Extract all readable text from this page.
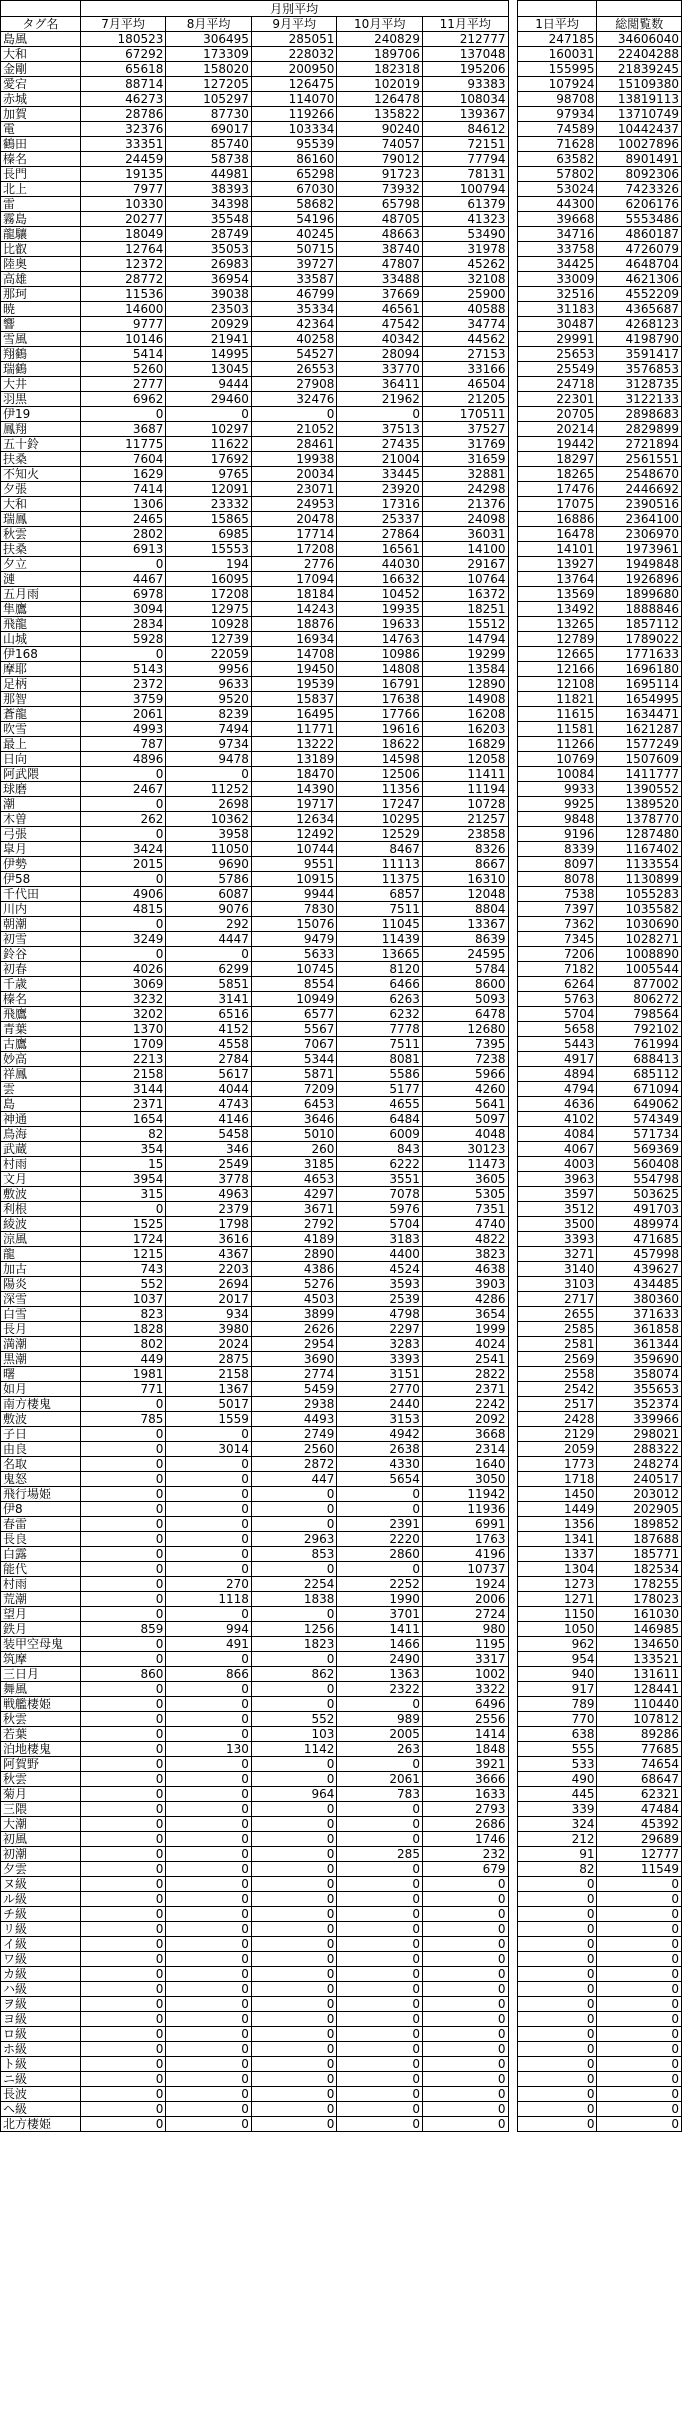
	月別平均							
タグ名	7月平均	8月平均	9月平均	10月平均	11月平均		1日平均	総閲覧数
島風	180523	306495	285051	240829	212777		247185	34606040
大和	67292	173309	228032	189706	137048		160031	22404288
金剛	65618	158020	200950	182318	195206		155995	21839245
愛宕	88714	127205	126475	102019	93383		107924	15109380
赤城	46273	105297	114070	126478	108034		98708	13819113
加賀	28786	87730	119266	135822	139367		97934	13710749
電	32376	69017	103334	90240	84612		74589	10442437
鶴田	33351	85740	95539	74057	72151		71628	10027896
榛名	24459	58738	86160	79012	77794		63582	8901491
長門	19135	44981	65298	91723	78131		57802	8092306
北上	7977	38393	67030	73932	100794		53024	7423326
雷	10330	34398	58682	65798	61379		44300	6206176
霧島	20277	35548	54196	48705	41323		39668	5553486
龍驤	18049	28749	40245	48663	53490		34716	4860187
比叡	12764	35053	50715	38740	31978		33758	4726079
陸奥	12372	26983	39727	47807	45262		34425	4648704
高雄	28772	36954	33587	33488	32108		33009	4621306
那珂	11536	39038	46799	37669	25900		32516	4552209
暁	14600	23503	35334	46561	40588		31183	4365687
響	9777	20929	42364	47542	34774		30487	4268123
雪風	10146	21941	40258	40342	44562		29991	4198790
翔鶴	5414	14995	54527	28094	27153		25653	3591417
瑞鶴	5260	13045	26553	33770	33166		25549	3576853
大井	2777	9444	27908	36411	46504		24718	3128735
羽黒	6962	29460	32476	21962	21205		22301	3122133
伊19	0	0	0	0	170511		20705	2898683
鳳翔	3687	10297	21052	37513	37527		20214	2829899
五十鈴	11775	11622	28461	27435	31769		19442	2721894
扶桑	7604	17692	19938	21004	31659		18297	2561551
不知火	1629	9765	20034	33445	32881		18265	2548670
夕張	7414	12091	23071	23920	24298		17476	2446692
大和	1306	23332	24953	17316	21376		17075	2390516
瑞鳳	2465	15865	20478	25337	24098		16886	2364100
秋雲	2802	6985	17714	27864	36031		16478	2306970
扶桑	6913	15553	17208	16561	14100		14101	1973961
夕立	0	194	2776	44030	29167		13927	1949848
漣	4467	16095	17094	16632	10764		13764	1926896
五月雨	6978	17208	18184	10452	16372		13569	1899680
隼鷹	3094	12975	14243	19935	18251		13492	1888846
飛龍	2834	10928	18876	19633	15512		13265	1857112
山城	5928	12739	16934	14763	14794		12789	1789022
伊168	0	22059	14708	10986	19299		12665	1771633
摩耶	5143	9956	19450	14808	13584		12166	1696180
足柄	2372	9633	19539	16791	12890		12108	1695114
那智	3759	9520	15837	17638	14908		11821	1654995
蒼龍	2061	8239	16495	17766	16208		11615	1634471
吹雪	4993	7494	11771	19616	16203		11581	1621287
最上	787	9734	13222	18622	16829		11266	1577249
日向	4896	9478	13189	14598	12058		10769	1507609
阿武隈	0	0	18470	12506	11411		10084	1411777
球磨	2467	11252	14390	11356	11194		9933	1390552
潮	0	2698	19717	17247	10728		9925	1389520
木曽	262	10362	12634	10295	21257		9848	1378770
弓張	0	3958	12492	12529	23858		9196	1287480
皐月	3424	11050	10744	8467	8326		8339	1167402
伊勢	2015	9690	9551	11113	8667		8097	1133554
伊58	0	5786	10915	11375	16310		8078	1130899
千代田	4906	6087	9944	6857	12048		7538	1055283
川内	4815	9076	7830	7511	8804		7397	1035582
朝潮	0	292	15076	11045	13367		7362	1030690
初雪	3249	4447	9479	11439	8639		7345	1028271
鈴谷	0	0	5633	13665	24595		7206	1008890
初春	4026	6299	10745	8120	5784		7182	1005544
千歳	3069	5851	8554	6466	8600		6264	877002
榛名	3232	3141	10949	6263	5093		5763	806272
飛鷹	3202	6516	6577	6232	6478		5704	798564
青葉	1370	4152	5567	7778	12680		5658	792102
古鷹	1709	4558	7067	7511	7395		5443	761994
妙高	2213	2784	5344	8081	7238		4917	688413
祥鳳	2158	5617	5871	5586	5966		4894	685112
雲	3144	4044	7209	5177	4260		4794	671094
島	2371	4743	6453	4655	5641		4636	649062
神通	1654	4146	3646	6484	5097		4102	574349
鳥海	82	5458	5010	6009	4048		4084	571734
武蔵	354	346	260	843	30123		4067	569369
村雨	15	2549	3185	6222	11473		4003	560408
文月	3954	3778	4653	3551	3605		3963	554798
敷波	315	4963	4297	7078	5305		3597	503625
利根	0	2379	3671	5976	7351		3512	491703
綾波	1525	1798	2792	5704	4740		3500	489974
涼風	1724	3616	4189	3183	4822		3393	471685
龍	1215	4367	2890	4400	3823		3271	457998
加古	743	2203	4386	4524	4638		3140	439627
陽炎	552	2694	5276	3593	3903		3103	434485
深雪	1037	2017	4503	2539	4286		2717	380360
白雪	823	934	3899	4798	3654		2655	371633
長月	1828	3980	2626	2297	1999		2585	361858
満潮	802	2024	2954	3283	4024		2581	361344
黒潮	449	2875	3690	3393	2541		2569	359690
曙	1981	2158	2774	3151	2822		2558	358074
如月	771	1367	5459	2770	2371		2542	355653
南方棲鬼	0	5017	2938	2440	2242		2517	352374
敷波	785	1559	4493	3153	2092		2428	339966
子日	0	0	2749	4942	3668		2129	298021
由良	0	3014	2560	2638	2314		2059	288322
名取	0	0	2872	4330	1640		1773	248274
鬼怒	0	0	447	5654	3050		1718	240517
飛行場姫	0	0	0	0	11942		1450	203012
伊8	0	0	0	0	11936		1449	202905
春雷	0	0	0	2391	6991		1356	189852
長良	0	0	2963	2220	1763		1341	187688
白露	0	0	853	2860	4196		1337	185771
能代	0	0	0	0	10737		1304	182534
村雨	0	270	2254	2252	1924		1273	178255
荒潮	0	1118	1838	1990	2006		1271	178023
望月	0	0	0	3701	2724		1150	161030
鉄月	859	994	1256	1411	980		1050	146985
装甲空母鬼	0	491	1823	1466	1195		962	134650
筑摩	0	0	0	2490	3317		954	133521
三日月	860	866	862	1363	1002		940	131611
舞風	0	0	0	2322	3322		917	128441
戦艦棲姫	0	0	0	0	6496		789	110440
秋雲	0	0	552	989	2556		770	107812
若葉	0	0	103	2005	1414		638	89286
泊地棲鬼	0	130	1142	263	1848		555	77685
阿賀野	0	0	0	0	3921		533	74654
秋雲	0	0	0	2061	3666		490	68647
菊月	0	0	964	783	1633		445	62321
三隈	0	0	0	0	2793		339	47484
大潮	0	0	0	0	2686		324	45392
初風	0	0	0	0	1746		212	29689
初潮	0	0	0	285	232		91	12777
夕雲	0	0	0	0	679		82	11549
ヌ級	0	0	0	0	0		0	0
ル級	0	0	0	0	0		0	0
チ級	0	0	0	0	0		0	0
リ級	0	0	0	0	0		0	0
イ級	0	0	0	0	0		0	0
ワ級	0	0	0	0	0		0	0
カ級	0	0	0	0	0		0	0
ハ級	0	0	0	0	0		0	0
ヲ級	0	0	0	0	0		0	0
ヨ級	0	0	0	0	0		0	0
ロ級	0	0	0	0	0		0	0
ホ級	0	0	0	0	0		0	0
ト級	0	0	0	0	0		0	0
ニ級	0	0	0	0	0		0	0
長波	0	0	0	0	0		0	0
ヘ級	0	0	0	0	0		0	0
北方棲姫	0	0	0	0	0		0	0
